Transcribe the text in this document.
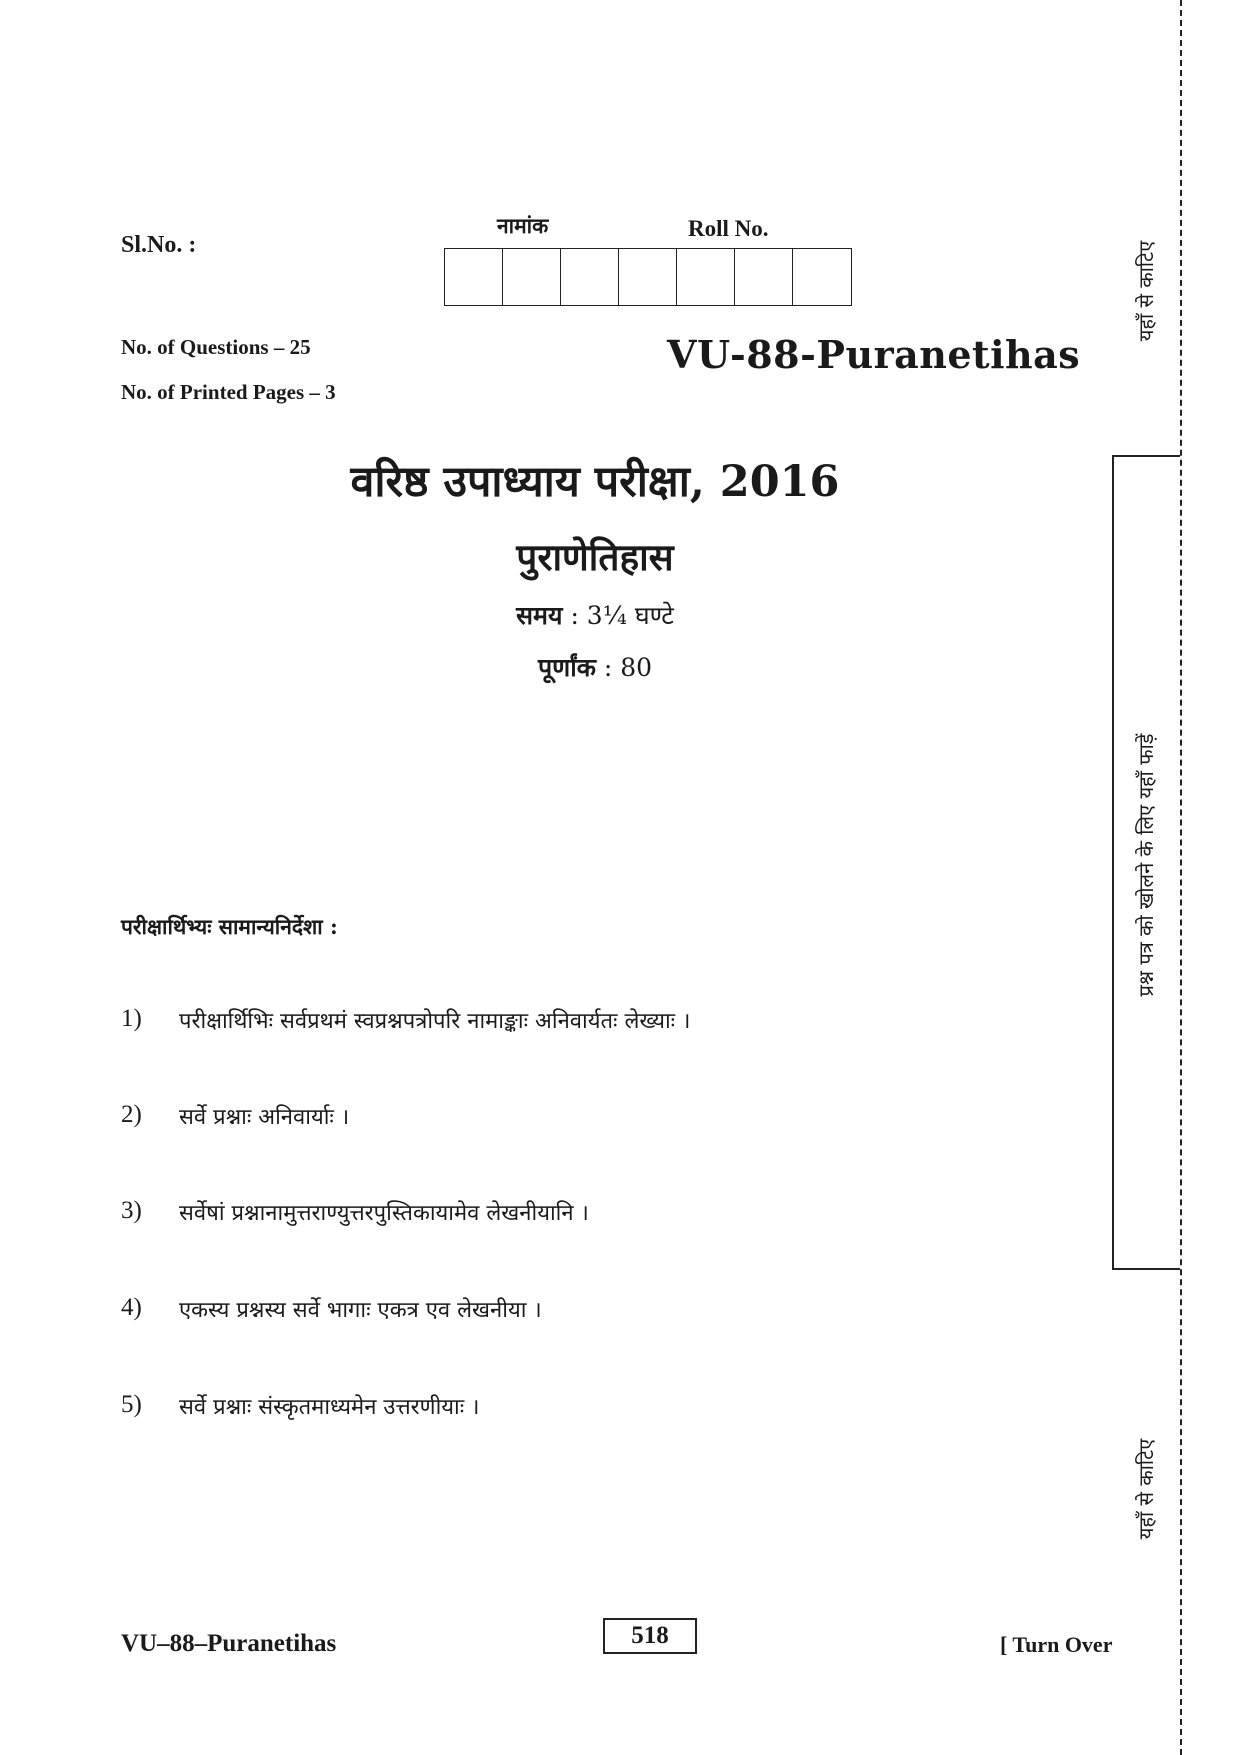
Sl.No. :
नामांक	Roll No.
No. of Questions – 25
No. of Printed Pages – 3
VU-88-Puranetihas
वरिष्ठ उपाध्याय परीक्षा, 2016
पुराणेतिहास
समय : 3¼ घण्टे
पूर्णांक : 80
परीक्षार्थिभ्यः सामान्यनिर्देशा :
1)	परीक्षार्थिभिः सर्वप्रथमं स्वप्रश्नपत्रोपरि नामाङ्काः अनिवार्यतः लेख्याः ।
2)	सर्वे प्रश्नाः अनिवार्याः ।
3)	सर्वेषां प्रश्नानामुत्तराण्युत्तरपुस्तिकायामेव लेखनीयानि ।
4)	एकस्य प्रश्नस्य सर्वे भागाः एकत्र एव लेखनीया ।
5)	सर्वे प्रश्नाः संस्कृतमाध्यमेन उत्तरणीयाः ।
VU–88–Puranetihas	518	[ Turn Over
यहाँ से काटिए
प्रश्न पत्र को खोलने के लिए यहाँ फाड़ें
यहाँ से काटिए
